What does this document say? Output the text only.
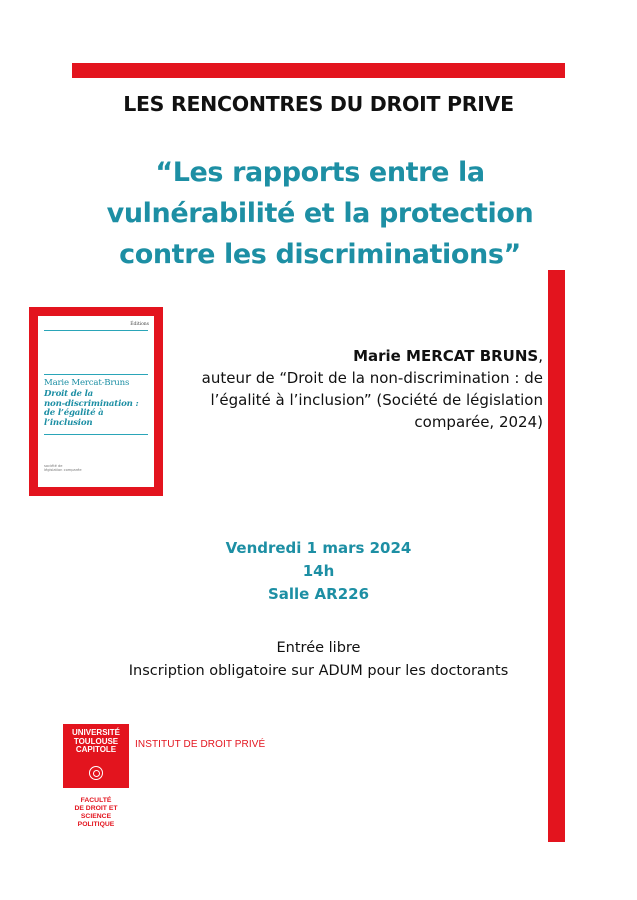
LES RENCONTRES DU DROIT PRIVE
“Les rapports entre la
vulnérabilité et la protection
contre les discriminations”
Éditions
Marie Mercat-Bruns
Droit de la
non-discrimination :
de l’égalité à
l’inclusion
société de
législation comparée
Marie MERCAT BRUNS,
auteur de “Droit de la non-discrimination : de
l’égalité à l’inclusion” (Société de législation
comparée, 2024)
Vendredi 1 mars 2024
14h
Salle AR226
Entrée libre
Inscription obligatoire sur ADUM pour les doctorants
UNIVERSITÉ
TOULOUSE
CAPITOLE
FACULTÉ
DE DROIT ET
SCIENCE POLITIQUE
INSTITUT DE DROIT PRIVÉ
